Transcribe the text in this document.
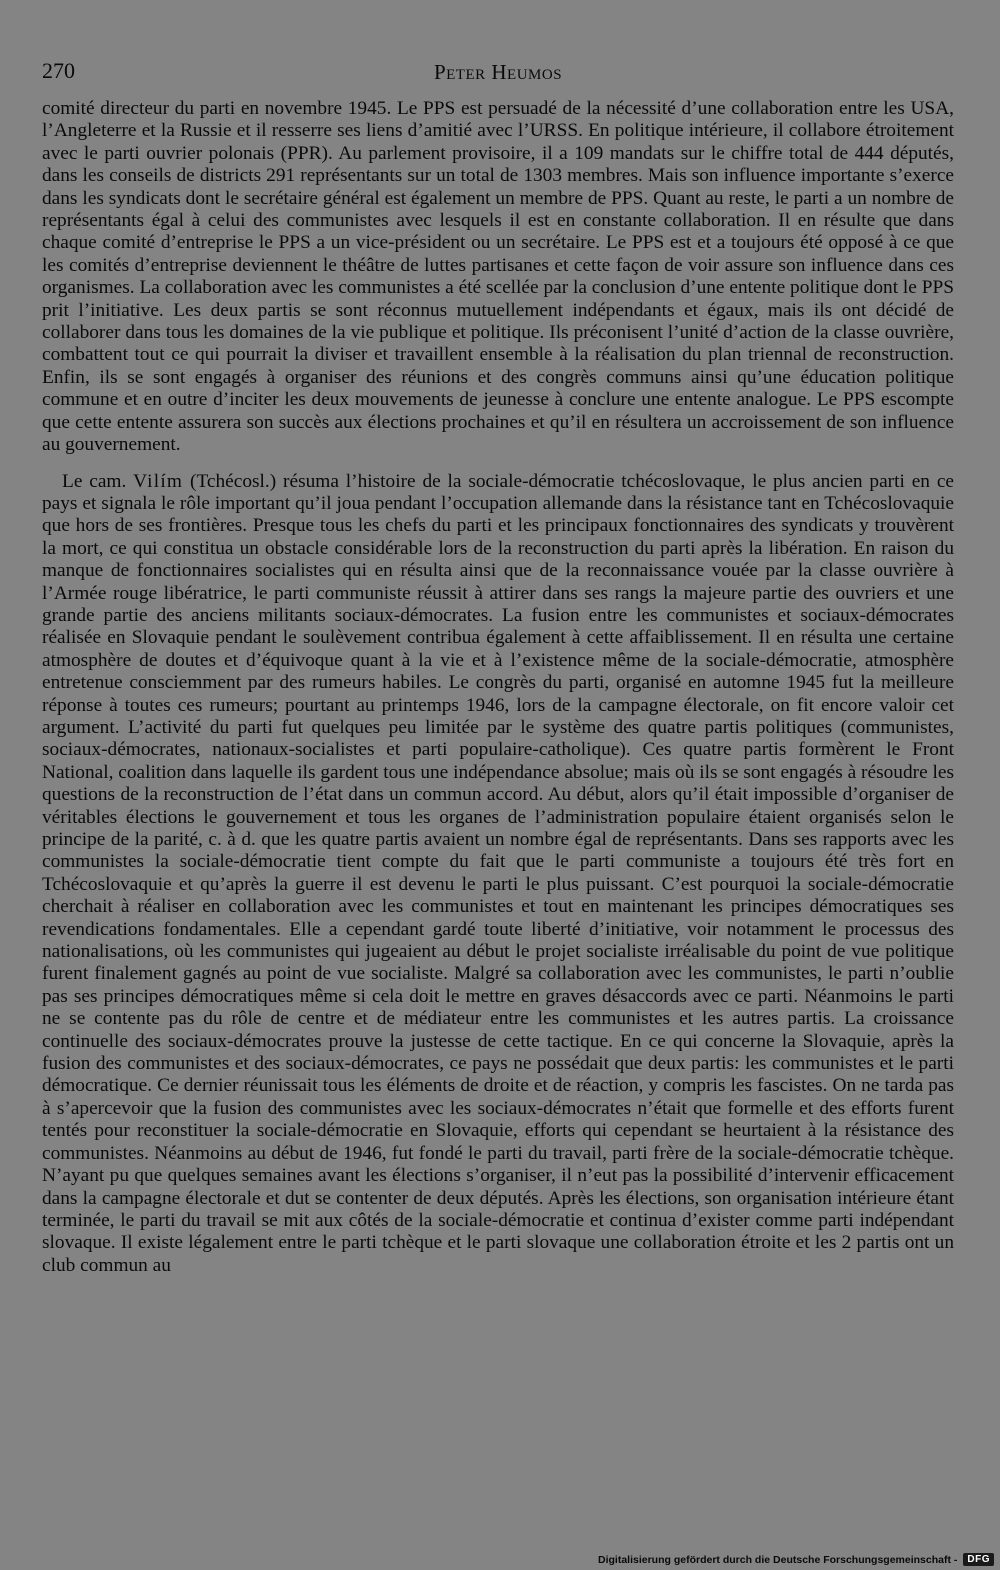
270	Peter Heumos

comité directeur du parti en novembre 1945. Le PPS est persuadé de la nécessité d’une collaboration entre les USA, l’Angleterre et la Russie et il resserre ses liens d’amitié avec l’URSS. En politique intérieure, il collabore étroitement avec le parti ouvrier polonais (PPR). Au parlement provisoire, il a 109 mandats sur le chiffre total de 444 députés, dans les conseils de districts 291 représentants sur un total de 1303 membres. Mais son influence importante s’exerce dans les syndicats dont le secrétaire général est également un membre de PPS. Quant au reste, le parti a un nombre de représentants égal à celui des communistes avec lesquels il est en constante collaboration. Il en résulte que dans chaque comité d’entreprise le PPS a un vice-président ou un secrétaire. Le PPS est et a toujours été opposé à ce que les comités d’entreprise deviennent le théâtre de luttes partisanes et cette façon de voir assure son influence dans ces organismes. La collaboration avec les communistes a été scellée par la conclusion d’une entente politique dont le PPS prit l’initiative. Les deux partis se sont réconnus mutuellement indépendants et égaux, mais ils ont décidé de collaborer dans tous les domaines de la vie publique et politique. Ils préconisent l’unité d’action de la classe ouvrière, combattent tout ce qui pourrait la diviser et travaillent ensemble à la réalisation du plan triennal de reconstruction. Enfin, ils se sont engagés à organiser des réunions et des congrès communs ainsi qu’une éducation politique commune et en outre d’inciter les deux mouvements de jeunesse à conclure une entente analogue. Le PPS escompte que cette entente assurera son succès aux élections prochaines et qu’il en résultera un accroissement de son influence au gouvernement.

Le cam. Vilím (Tchécosl.) résuma l’histoire de la sociale-démocratie tchécoslovaque, le plus ancien parti en ce pays et signala le rôle important qu’il joua pendant l’occupation allemande dans la résistance tant en Tchécoslovaquie que hors de ses frontières. Presque tous les chefs du parti et les principaux fonctionnaires des syndicats y trouvèrent la mort, ce qui constitua un obstacle considérable lors de la reconstruction du parti après la libération. En raison du manque de fonctionnaires socialistes qui en résulta ainsi que de la reconnaissance vouée par la classe ouvrière à l’Armée rouge libératrice, le parti communiste réussit à attirer dans ses rangs la majeure partie des ouvriers et une grande partie des anciens militants sociaux-démocrates. La fusion entre les communistes et sociaux-démocrates réalisée en Slovaquie pendant le soulèvement contribua également à cette affaiblissement. Il en résulta une certaine atmosphère de doutes et d’équivoque quant à la vie et à l’existence même de la sociale-démocratie, atmosphère entretenue consciemment par des rumeurs habiles. Le congrès du parti, organisé en automne 1945 fut la meilleure réponse à toutes ces rumeurs; pourtant au printemps 1946, lors de la campagne électorale, on fit encore valoir cet argument. L’activité du parti fut quelques peu limitée par le système des quatre partis politiques (communistes, sociaux-démocrates, nationaux-socialistes et parti populaire-catholique). Ces quatre partis formèrent le Front National, coalition dans laquelle ils gardent tous une indépendance absolue; mais où ils se sont engagés à résoudre les questions de la reconstruction de l’état dans un commun accord. Au début, alors qu’il était impossible d’organiser de véritables élections le gouvernement et tous les organes de l’administration populaire étaient organisés selon le principe de la parité, c. à d. que les quatre partis avaient un nombre égal de représentants. Dans ses rapports avec les communistes la sociale-démocratie tient compte du fait que le parti communiste a toujours été très fort en Tchécoslovaquie et qu’après la guerre il est devenu le parti le plus puissant. C’est pourquoi la sociale-démocratie cherchait à réaliser en collaboration avec les communistes et tout en maintenant les principes démocratiques ses revendications fondamentales. Elle a cependant gardé toute liberté d’initiative, voir notamment le processus des nationalisations, où les communistes qui jugeaient au début le projet socialiste irréalisable du point de vue politique furent finalement gagnés au point de vue socialiste. Malgré sa collaboration avec les communistes, le parti n’oublie pas ses principes démocratiques même si cela doit le mettre en graves désaccords avec ce parti. Néanmoins le parti ne se contente pas du rôle de centre et de médiateur entre les communistes et les autres partis. La croissance continuelle des sociaux-démocrates prouve la justesse de cette tactique. En ce qui concerne la Slovaquie, après la fusion des communistes et des sociaux-démocrates, ce pays ne possédait que deux partis: les communistes et le parti démocratique. Ce dernier réunissait tous les éléments de droite et de réaction, y compris les fascistes. On ne tarda pas à s’apercevoir que la fusion des communistes avec les sociaux-démocrates n’était que formelle et des efforts furent tentés pour reconstituer la sociale-démocratie en Slovaquie, efforts qui cependant se heurtaient à la résistance des communistes. Néanmoins au début de 1946, fut fondé le parti du travail, parti frère de la sociale-démocratie tchèque. N’ayant pu que quelques semaines avant les élections s’organiser, il n’eut pas la possibilité d’intervenir efficacement dans la campagne électorale et dut se contenter de deux députés. Après les élections, son organisation intérieure étant terminée, le parti du travail se mit aux côtés de la sociale-démocratie et continua d’exister comme parti indépendant slovaque. Il existe légalement entre le parti tchèque et le parti slovaque une collaboration étroite et les 2 partis ont un club commun au

Digitalisierung gefördert durch die Deutsche Forschungsgemeinschaft -	DFG
